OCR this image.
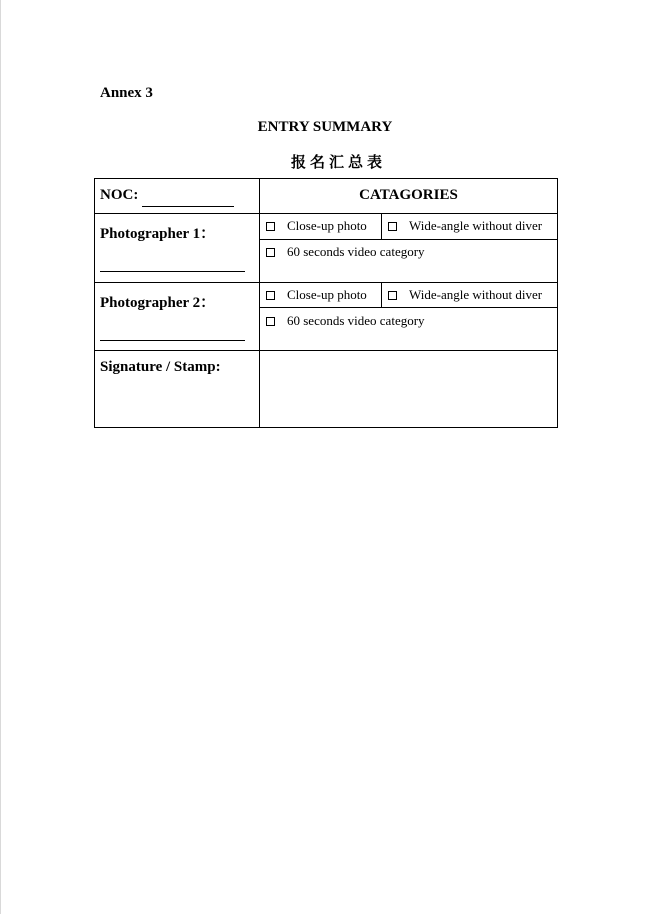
Annex 3
ENTRY SUMMARY
报 名 汇 总 表
NOC:	CATAGORIES
Photographer 1：
Close-up photo	Wide-angle without diver
60 seconds video category
Photographer 2：
Close-up photo	Wide-angle without diver
60 seconds video category
Signature / Stamp:
